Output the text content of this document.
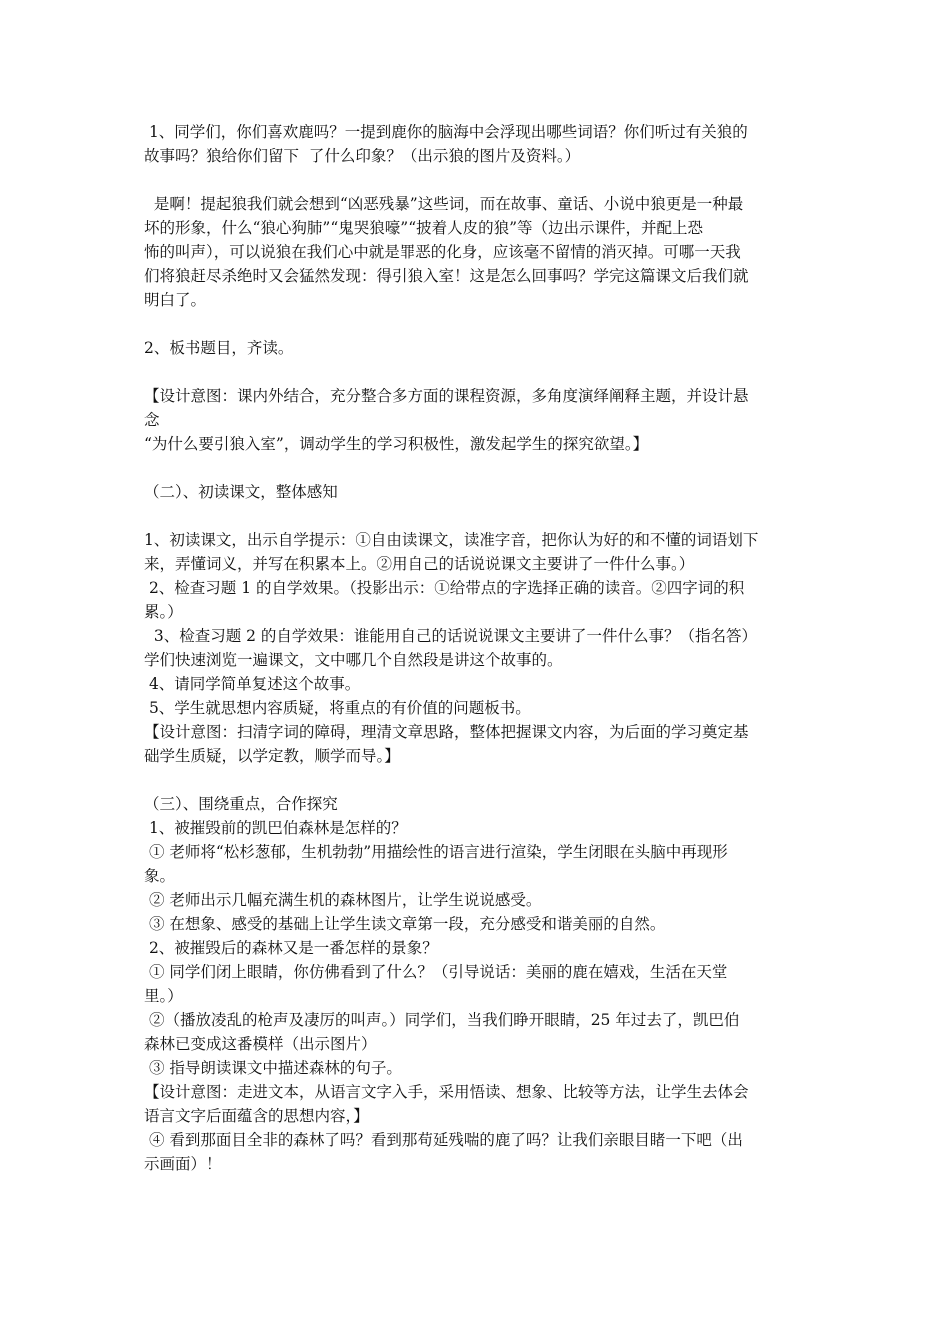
1、同学们，你们喜欢鹿吗？一提到鹿你的脑海中会浮现出哪些词语？你们听过有关狼的

故事吗？狼给你们留下  了什么印象？（出示狼的图片及资料。）

是啊！提起狼我们就会想到“凶恶残暴”这些词，而在故事、童话、小说中狼更是一种最

坏的形象，什么“狼心狗肺”“鬼哭狼嚎”“披着人皮的狼”等（边出示课件，并配上恐

怖的叫声），可以说狼在我们心中就是罪恶的化身，应该毫不留情的消灭掉。可哪一天我

们将狼赶尽杀绝时又会猛然发现：得引狼入室！这是怎么回事吗？学完这篇课文后我们就

明白了。

2、板书题目，齐读。

【设计意图：课内外结合，充分整合多方面的课程资源，多角度演绎阐释主题，并设计悬

念

“为什么要引狼入室”，调动学生的学习积极性，激发起学生的探究欲望。】

（二）、初读课文，整体感知

1、初读课文，出示自学提示：①自由读课文，读准字音，把你认为好的和不懂的词语划下

来，弄懂词义，并写在积累本上。②用自己的话说说课文主要讲了一件什么事。）

2、检查习题 1 的自学效果。（投影出示：①给带点的字选择正确的读音。②四字词的积

累。）

3、检查习题 2 的自学效果：谁能用自己的话说说课文主要讲了一件什么事？（指名答）

学们快速浏览一遍课文，文中哪几个自然段是讲这个故事的。

4、请同学简单复述这个故事。

5、学生就思想内容质疑，将重点的有价值的问题板书。

【设计意图：扫清字词的障碍，理清文章思路，整体把握课文内容，为后面的学习奠定基

础学生质疑，以学定教，顺学而导。】

（三）、围绕重点，合作探究

1、被摧毁前的凯巴伯森林是怎样的？

① 老师将“松杉葱郁，生机勃勃”用描绘性的语言进行渲染，学生闭眼在头脑中再现形

象。

② 老师出示几幅充满生机的森林图片，让学生说说感受。

③ 在想象、感受的基础上让学生读文章第一段，充分感受和谐美丽的自然。

2、被摧毁后的森林又是一番怎样的景象？

① 同学们闭上眼睛，你仿佛看到了什么？（引导说话：美丽的鹿在嬉戏，生活在天堂

里。）

②（播放凌乱的枪声及凄厉的叫声。）同学们，当我们睁开眼睛，25 年过去了，凯巴伯

森林已变成这番模样（出示图片）

③ 指导朗读课文中描述森林的句子。

【设计意图：走进文本，从语言文字入手，采用悟读、想象、比较等方法，让学生去体会

语言文字后面蕴含的思想内容，】

④ 看到那面目全非的森林了吗？看到那苟延残喘的鹿了吗？让我们亲眼目睹一下吧（出

示画面）！
